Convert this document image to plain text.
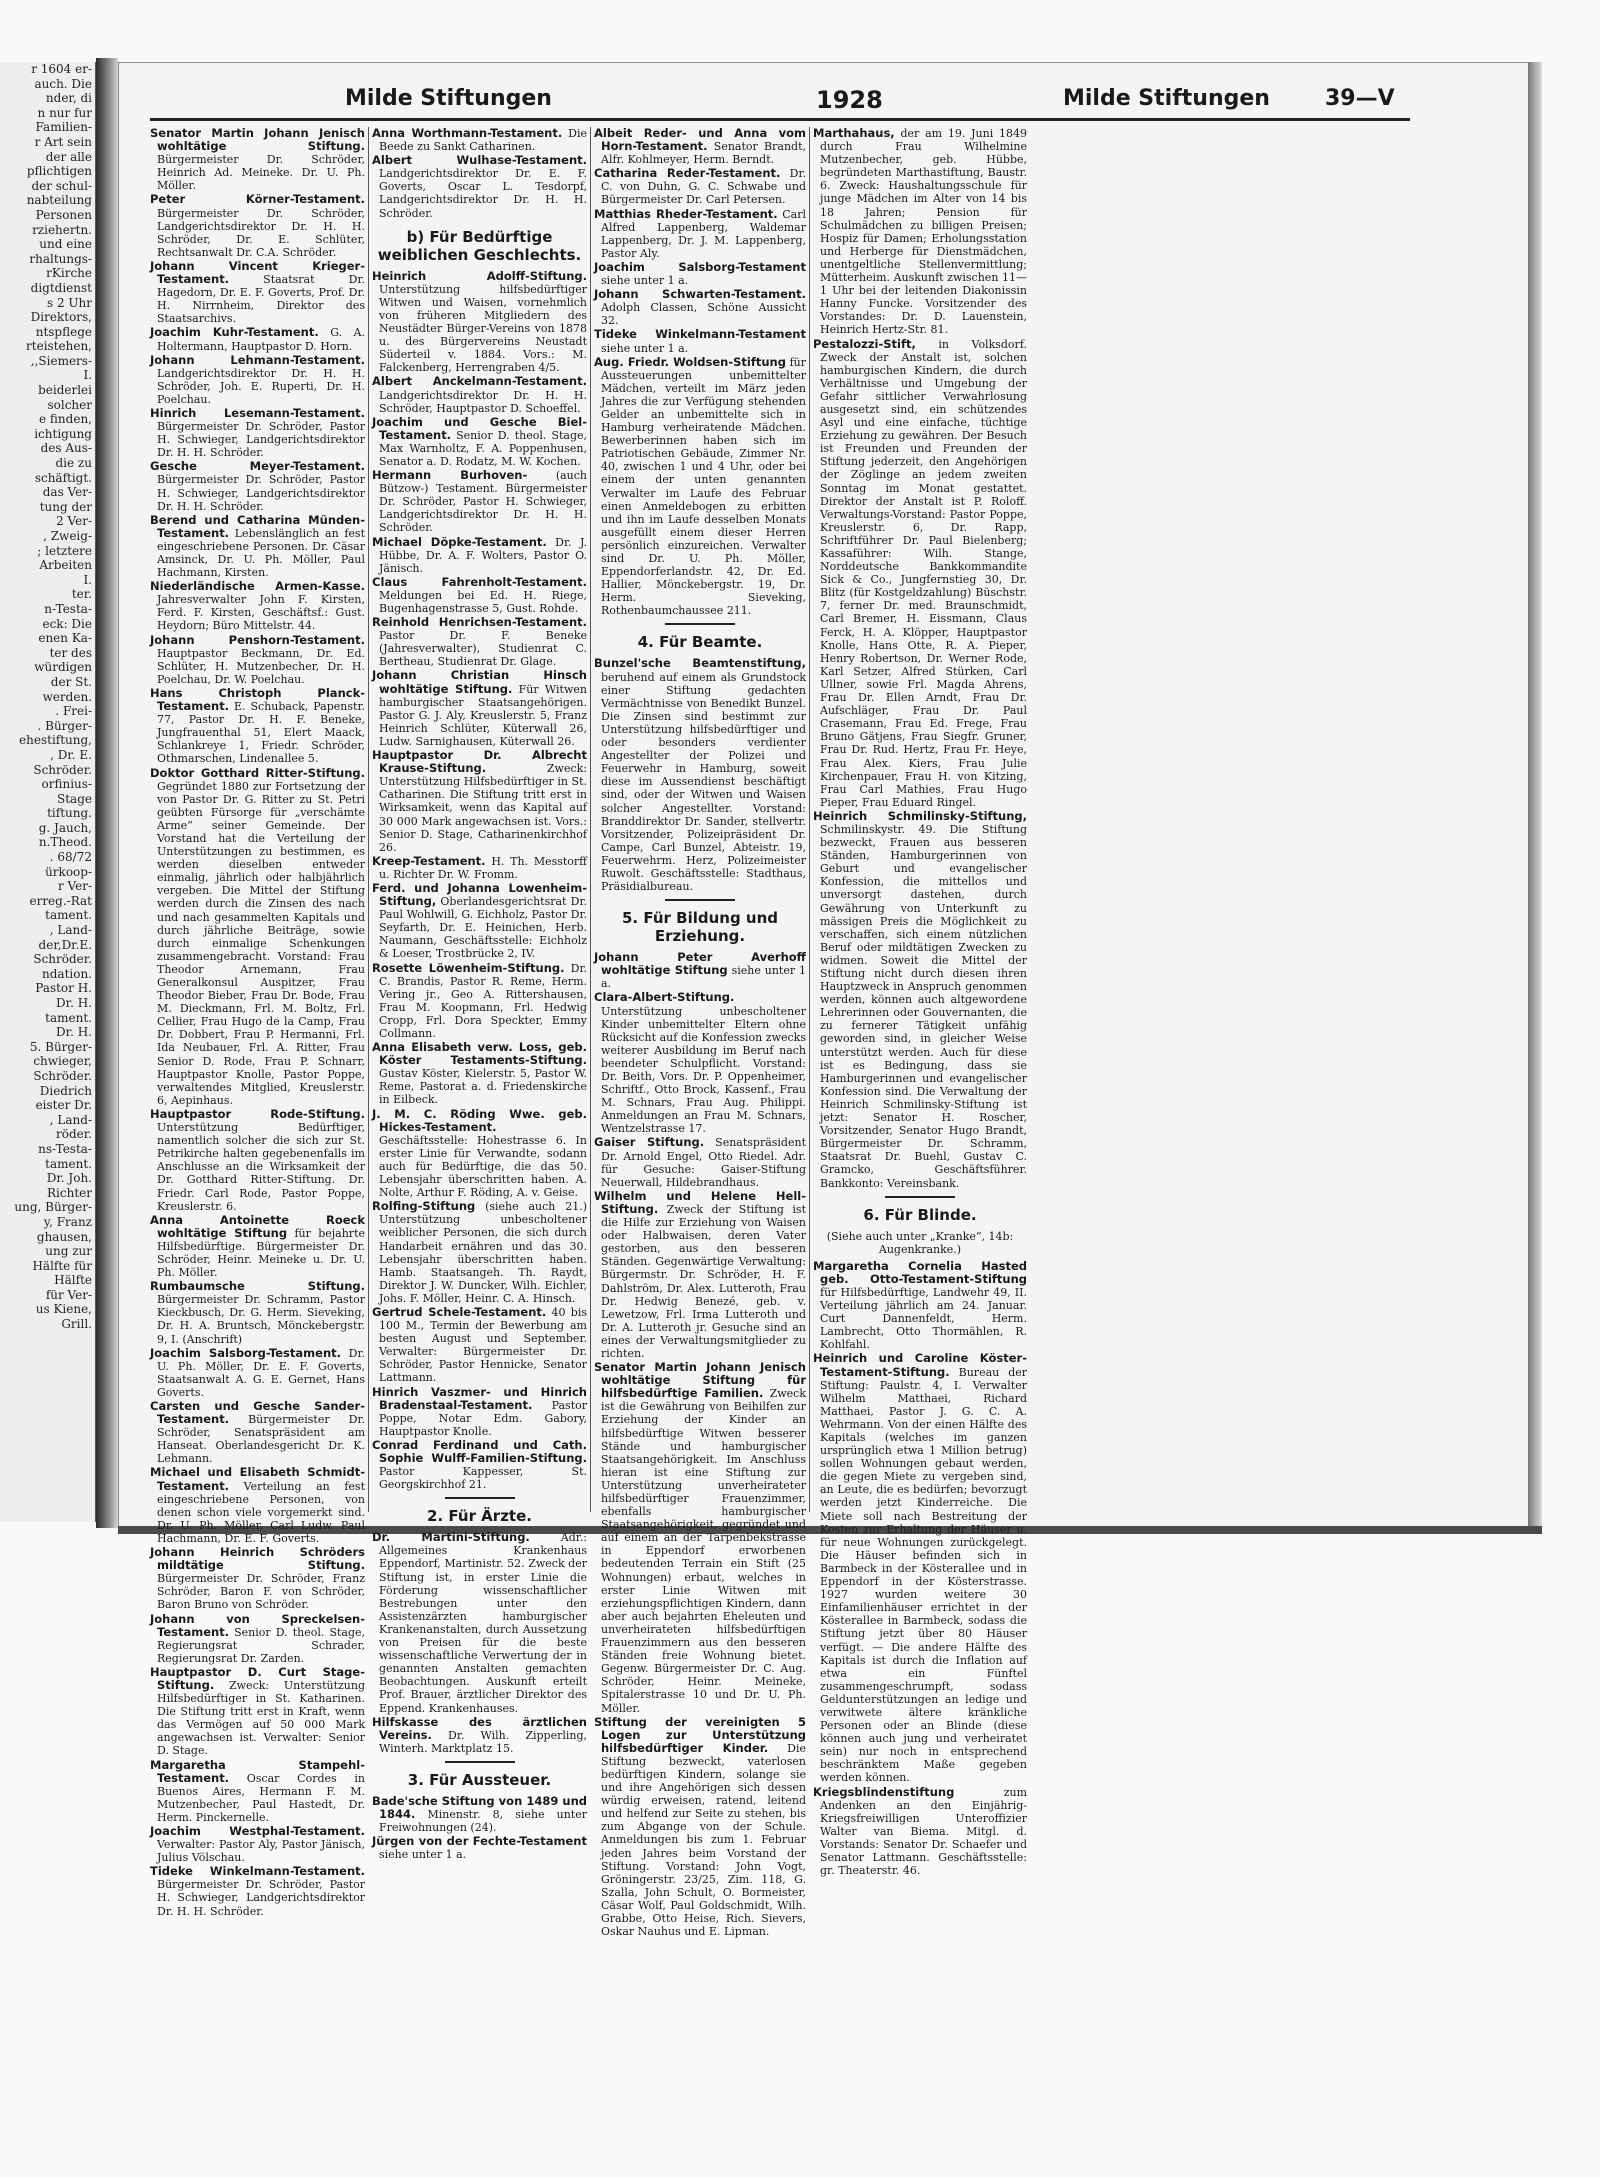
r 1604 er-
auch. Die
nder, di
n nur fur
Familien-
r Art sein
der alle
pflichtigen
der schul-
nabteilung
Personen
rziehertn.
und eine
rhaltungs-
rKirche
digtdienst
s 2 Uhr
Direktors,
ntspflege
rteistehen,
,,Siemers-
I.
beiderlei
solcher
e finden,
ichtigung
des Aus-
die zu
schäftigt.
das Ver-
tung der
2 Ver-
, Zweig-
; letztere
Arbeiten
I.
ter.
n-Testa-
eck: Die
enen Ka-
ter des
würdigen
der St.
werden.
. Frei-
. Bürger-
ehestiftung,
, Dr. E.
Schröder.
orfinius-
Stage
tiftung.
g. Jauch,
n.Theod.
. 68/72
ürkoop-
r Ver-
erreg.-Rat
tament.
, Land-
der,Dr.E.
Schröder.
ndation.
Pastor H.
Dr. H.
tament.
Dr. H.
5. Bürger-
chwieger,
Schröder.
Diedrich
eister Dr.
, Land-
röder.
ns-Testa-
tament.
Dr. Joh.
Richter
ung, Bürger-
y, Franz
ghausen,
ung zur
Hälfte für
Hälfte
für Ver-
us Kiene,
Grill.
Milde Stiftungen	1928	Milde Stiftungen	39—V
Senator Martin Johann Jenisch wohltätige Stiftung. Bürgermeister Dr. Schröder, Heinrich Ad. Meineke. Dr. U. Ph. Möller.
Peter Körner-Testament. Bürgermeister Dr. Schröder, Landgerichtsdirektor Dr. H. H. Schröder, Dr. E. Schlüter, Rechtsanwalt Dr. C.A. Schröder.
Johann Vincent Krieger-Testament.	Staatsrat Dr. Hagedorn, Dr. E. F. Goverts, Prof. Dr. H. Nirrnheim, Direktor des Staatsarchivs.
Joachim Kuhr-Testament. G. A. Holtermann, Hauptpastor D. Horn.
Johann Lehmann-Testament. Landgerichtsdirektor Dr. H. H. Schröder, Joh. E. Ruperti, Dr. H. Poelchau.
Hinrich Lesemann-Testament. Bürgermeister Dr. Schröder, Pastor H. Schwieger, Landgerichtsdirektor Dr. H. H. Schröder.
Gesche Meyer-Testament. Bürgermeister Dr. Schröder, Pastor H. Schwieger, Landgerichtsdirektor Dr. H. H. Schröder.
Berend und Catharina Münden-Testament. Lebenslänglich an fest eingeschriebene Personen. Dr. Cäsar Amsinck, Dr. U. Ph. Möller, Paul Hachmann, Kirsten.
Niederländische Armen-Kasse. Jahresverwalter John F. Kirsten, Ferd. F. Kirsten, Geschäftsf.: Gust. Heydorn; Büro Mittelstr. 44.
Johann Penshorn-Testament. Hauptpastor Beckmann, Dr. Ed. Schlüter, H. Mutzenbecher, Dr. H. Poelchau, Dr. W. Poelchau.
Hans Christoph Planck-Testament. E. Schuback, Papenstr. 77, Pastor Dr. H. F. Beneke, Jungfrauenthal 51, Elert Maack, Schlankreye 1, Friedr. Schröder, Othmarschen, Lindenallee 5.
Doktor Gotthard Ritter-Stiftung. Gegründet 1880 zur Fortsetzung der von Pastor Dr. G. Ritter zu St. Petri geübten Fürsorge für „verschämte Arme“ seiner Gemeinde. Der Vorstand hat die Verteilung der Unterstützungen zu bestimmen, es werden dieselben entweder einmalig, jährlich oder halbjährlich vergeben. Die Mittel der Stiftung werden durch die Zinsen des nach und nach gesammelten Kapitals und durch jährliche Beiträge, sowie durch einmalige Schenkungen zusammengebracht. Vorstand: Frau Theodor Arnemann, Frau Generalkonsul Auspitzer, Frau Theodor Bieber, Frau Dr. Bode, Frau M. Dieckmann, Frl. M. Boltz, Frl. Cellier, Frau Hugo de la Camp, Frau Dr. Dobbert, Frau P. Hermanni, Frl. Ida Neubauer, Frl. A. Ritter, Frau Senior D. Rode, Frau P. Schnarr, Hauptpastor Knolle, Pastor Poppe, verwaltendes Mitglied, Kreuslerstr. 6, Aepinhaus.
Hauptpastor Rode-Stiftung. Unterstützung Bedürftiger, namentlich solcher die sich zur St. Petrikirche halten gegebenenfalls im Anschlusse an die Wirksamkeit der Dr. Gotthard Ritter-Stiftung. Dr. Friedr. Carl Rode, Pastor Poppe, Kreuslerstr. 6.
Anna Antoinette Roeck wohltätige Stiftung für bejahrte Hilfsbedürftige. Bürgermeister Dr. Schröder, Heinr. Meineke u. Dr. U. Ph. Möller.
Rumbaumsche Stiftung. Bürgermeister Dr. Schramm, Pastor Kieckbusch, Dr. G. Herm. Sieveking, Dr. H. A. Bruntsch, Mönckebergstr. 9, I. (Anschrift)
Joachim Salsborg-Testament. Dr. U. Ph. Möller, Dr. E. F. Goverts, Staatsanwalt A. G. E. Gernet, Hans Goverts.
Carsten und Gesche Sander-Testament. Bürgermeister Dr. Schröder, Senatspräsident am Hanseat. Oberlandesgericht Dr. K. Lehmann.
Michael und Elisabeth Schmidt-Testament. Verteilung an fest eingeschriebene Personen, von denen schon viele vorgemerkt sind. Dr. U. Ph. Möller, Carl Ludw. Paul Hachmann, Dr. E. F. Goverts.
Johann Heinrich Schröders mildtätige Stiftung. Bürgermeister Dr. Schröder, Franz Schröder, Baron F. von Schröder, Baron Bruno von Schröder.
Johann von Spreckelsen-Testament. Senior D. theol. Stage, Regierungsrat Schrader, Regierungsrat Dr. Zarden.
Hauptpastor D. Curt Stage-Stiftung. Zweck: Unterstützung Hilfsbedürftiger in St. Katharinen. Die Stiftung tritt erst in Kraft, wenn das Vermögen auf 50 000 Mark angewachsen ist. Verwalter: Senior D. Stage.
Margaretha Stampehl-Testament. Oscar Cordes in Buenos Aires, Hermann F. M. Mutzenbecher, Paul Hastedt, Dr. Herm. Pinckernelle.
Joachim Westphal-Testament. Verwalter: Pastor Aly, Pastor Jänisch, Julius Völschau.
Tideke Winkelmann-Testament. Bürgermeister Dr. Schröder, Pastor H. Schwieger, Landgerichtsdirektor Dr. H. H. Schröder.
Anna Worthmann-Testament. Die Beede zu Sankt Catharinen.
Albert Wulhase-Testament. Landgerichtsdirektor Dr. E. F. Goverts, Oscar L. Tesdorpf, Landgerichtsdirektor Dr. H. H. Schröder.
b) Für Bedürftige weiblichen Geschlechts.
Heinrich Adolff-Stiftung. Unterstützung hilfsbedürftiger Witwen und Waisen, vornehmlich von früheren Mitgliedern des Neustädter Bürger-Vereins von 1878 u. des Bürgervereins Neustadt Süderteil v. 1884. Vors.: M. Falckenberg, Herrengraben 4/5.
Albert Anckelmann-Testament. Landgerichtsdirektor Dr. H. H. Schröder, Hauptpastor D. Schoeffel.
Joachim und Gesche Biel-Testament. Senior D. theol. Stage, Max Warnholtz, F. A. Poppenhusen, Senator a. D. Rodatz, M. W. Kochen.
Hermann Burhoven-	(auch Bützow-) Testament. Bürgermeister Dr. Schröder, Pastor H. Schwieger, Landgerichtsdirektor Dr. H. H. Schröder.
Michael Döpke-Testament. Dr. J. Hübbe, Dr. A. F. Wolters, Pastor O. Jänisch.
Claus Fahrenholt-Testament. Meldungen bei Ed. H. Riege, Bugenhagenstrasse 5, Gust. Rohde.
Reinhold Henrichsen-Testament. Pastor Dr. F. Beneke (Jahresverwalter), Studienrat C. Bertheau, Studienrat Dr. Glage.
Johann Christian Hinsch wohltätige Stiftung. Für Witwen hamburgischer Staatsangehörigen. Pastor G. J. Aly, Kreuslerstr. 5, Franz Heinrich Schlüter, Küterwall 26, Ludw. Sarnighausen, Küterwall 26.
Hauptpastor Dr. Albrecht Krause-Stiftung.	Zweck: Unterstützung Hilfsbedürftiger in St. Catharinen. Die Stiftung tritt erst in Wirksamkeit, wenn das Kapital auf 30 000 Mark angewachsen ist. Vors.: Senior D. Stage, Catharinenkirchhof 26.
Kreep-Testament. H. Th. Messtorff u. Richter Dr. W. Fromm.
Ferd. und Johanna Lowenheim-Stiftung, Oberlandesgerichtsrat Dr. Paul Wohlwill, G. Eichholz, Pastor Dr. Seyfarth, Dr. E. Heinichen, Herb. Naumann, Geschäftsstelle: Eichholz & Loeser, Trostbrücke 2, IV.
Rosette Löwenheim-Stiftung. Dr. C. Brandis, Pastor R. Reme, Herm. Vering jr., Geo A. Rittershausen, Frau M. Koopmann, Frl. Hedwig Cropp, Frl. Dora Speckter, Emmy Collmann.
Anna Elisabeth verw. Loss, geb. Köster Testaments-Stiftung. Gustav Köster, Kielerstr. 5, Pastor W. Reme, Pastorat a. d. Friedenskirche in Eilbeck.
J. M. C. Röding Wwe. geb. Hickes-Testament. Geschäftsstelle: Hohestrasse 6. In erster Linie für Verwandte, sodann auch für Bedürftige, die das 50. Lebensjahr überschritten haben. A. Nolte, Arthur F. Röding, A. v. Geise.
Rolfing-Stiftung (siehe auch 21.) Unterstützung unbescholtener weiblicher Personen, die sich durch Handarbeit ernähren und das 30. Lebensjahr überschritten haben. Hamb. Staatsangeh. Th. Raydt, Direktor J. W. Duncker, Wilh. Eichler, Johs. F. Möller, Heinr. C. A. Hinsch.
Gertrud Schele-Testament. 40 bis 100 M., Termin der Bewerbung am besten August und September. Verwalter: Bürgermeister Dr. Schröder, Pastor Hennicke, Senator Lattmann.
Hinrich Vaszmer- und Hinrich Bradenstaal-Testament. Pastor Poppe, Notar Edm. Gabory, Hauptpastor Knolle.
Conrad Ferdinand und Cath. Sophie Wulff-Familien-Stiftung. Pastor Kappesser, St. Georgskirchhof 21.
2. Für Ärzte.
Dr. Martini-Stiftung.	Adr.: Allgemeines Krankenhaus Eppendorf, Martinistr. 52. Zweck der Stiftung ist, in erster Linie die Förderung wissenschaftlicher Bestrebungen unter den Assistenzärzten hamburgischer Krankenanstalten, durch Aussetzung von Preisen für die beste wissenschaftliche Verwertung der in genannten Anstalten gemachten Beobachtungen. Auskunft erteilt Prof. Brauer, ärztlicher Direktor des Eppend. Krankenhauses.
Hilfskasse des ärztlichen Vereins. Dr. Wilh. Zipperling, Winterh. Marktplatz 15.
3. Für Aussteuer.
Bade'sche Stiftung von 1489 und 1844. Minenstr. 8, siehe unter Freiwohnungen (24).
Jürgen von der Fechte-Testament siehe unter 1 a.
Albeit Reder- und Anna vom Horn-Testament. Senator Brandt, Alfr. Kohlmeyer, Herm. Berndt.
Catharina Reder-Testament. Dr. C. von Duhn, G. C. Schwabe und Bürgermeister Dr. Carl Petersen.
Matthias Rheder-Testament. Carl Alfred Lappenberg, Waldemar Lappenberg, Dr. J. M. Lappenberg, Pastor Aly.
Joachim Salsborg-Testament siehe unter 1 a.
Johann Schwarten-Testament. Adolph Classen, Schöne Aussicht 32.
Tideke Winkelmann-Testament siehe unter 1 a.
Aug. Friedr. Woldsen-Stiftung für Aussteuerungen unbemittelter Mädchen, verteilt im März jeden Jahres die zur Verfügung stehenden Gelder an unbemittelte sich in Hamburg verheiratende Mädchen. Bewerberinnen haben sich im Patriotischen Gebäude, Zimmer Nr. 40, zwischen 1 und 4 Uhr, oder bei einem der unten genannten Verwalter im Laufe des Februar einen Anmeldebogen zu erbitten und ihn im Laufe desselben Monats ausgefüllt einem dieser Herren persönlich einzureichen. Verwalter sind Dr. U. Ph. Möller, Eppendorferlandstr. 42, Dr. Ed. Hallier, Mönckebergstr. 19, Dr. Herm. Sieveking, Rothenbaumchaussee 211.
4. Für Beamte.
Bunzel'sche Beamtenstiftung, beruhend auf einem als Grundstock einer Stiftung gedachten Vermächtnisse von Benedikt Bunzel. Die Zinsen sind bestimmt zur Unterstützung hilfsbedürftiger und oder besonders verdienter Angestellter der Polizei und Feuerwehr in Hamburg, soweit diese im Aussendienst beschäftigt sind, oder der Witwen und Waisen solcher Angestellter. Vorstand: Branddirektor Dr. Sander, stellvertr. Vorsitzender, Polizeipräsident Dr. Campe, Carl Bunzel, Abteistr. 19, Feuerwehrm. Herz, Polizeimeister Ruwolt. Geschäftsstelle: Stadthaus, Präsidialbureau.
5. Für Bildung und Erziehung.
Johann Peter Averhoff wohltätige Stiftung siehe unter 1 a.
Clara-Albert-Stiftung. Unterstützung unbescholtener Kinder unbemittelter Eltern ohne Rücksicht auf die Konfession zwecks weiterer Ausbildung im Beruf nach beendeter Schulpflicht. Vorstand: Dr. Beith, Vors. Dr. P. Oppenheimer, Schriftf., Otto Brock, Kassenf., Frau M. Schnars, Frau Aug. Philippi. Anmeldungen an Frau M. Schnars, Wentzelstrasse 17.
Gaiser Stiftung. Senatspräsident Dr. Arnold Engel, Otto Riedel. Adr. für Gesuche: Gaiser-Stiftung Neuerwall, Hildebrandhaus.
Wilhelm und Helene Hell-Stiftung. Zweck der Stiftung ist die Hilfe zur Erziehung von Waisen oder Halbwaisen, deren Vater gestorben, aus den besseren Ständen. Gegenwärtige Verwaltung: Bürgermstr. Dr. Schröder, H. F. Dahlström, Dr. Alex. Lutteroth, Frau Dr. Hedwig Benezé, geb. v. Lewetzow, Frl. Irma Lutteroth und Dr. A. Lutteroth jr. Gesuche sind an eines der Verwaltungsmitglieder zu richten.
Senator Martin Johann Jenisch wohltätige Stiftung für hilfsbedürftige Familien. Zweck ist die Gewährung von Beihilfen zur Erziehung der Kinder an hilfsbedürftige Witwen besserer Stände und hamburgischer Staatsangehörigkeit. Im Anschluss hieran ist eine Stiftung zur Unterstützung unverheirateter hilfsbedürftiger Frauenzimmer, ebenfalls hamburgischer Staatsangehörigkeit, gegründet und auf einem an der Tarpenbekstrasse in Eppendorf erworbenen bedeutenden Terrain ein Stift (25 Wohnungen) erbaut, welches in erster Linie Witwen mit erziehungspflichtigen Kindern, dann aber auch bejahrten Eheleuten und unverheirateten hilfsbedürftigen Frauenzimmern aus den besseren Ständen freie Wohnung bietet. Gegenw. Bürgermeister Dr. C. Aug. Schröder, Heinr. Meineke, Spitalerstrasse 10 und Dr. U. Ph. Möller.
Stiftung der vereinigten 5 Logen zur Unterstützung hilfsbedürftiger Kinder. Die Stiftung bezweckt, vaterlosen bedürftigen Kindern, solange sie und ihre Angehörigen sich dessen würdig erweisen, ratend, leitend und helfend zur Seite zu stehen, bis zum Abgange von der Schule. Anmeldungen bis zum 1. Februar jeden Jahres beim Vorstand der Stiftung. Vorstand: John Vogt, Gröningerstr. 23/25, Zim. 118, G. Szalla, John Schult, O. Bormeister, Cäsar Wolf, Paul Goldschmidt, Wilh. Grabbe, Otto Heise, Rich. Sievers, Oskar Nauhus und E. Lipman.
Marthahaus, der am 19. Juni 1849 durch Frau Wilhelmine Mutzenbecher, geb. Hübbe, begründeten Marthastiftung, Baustr. 6. Zweck: Haushaltungsschule für junge Mädchen im Alter von 14 bis 18 Jahren; Pension für Schulmädchen zu billigen Preisen; Hospiz für Damen; Erholungsstation und Herberge für Dienstmädchen, unentgeltliche Stellenvermittlung; Mütterheim. Auskunft zwischen 11—1 Uhr bei der leitenden Diakonissin Hanny Funcke. Vorsitzender des Vorstandes: Dr. D. Lauenstein, Heinrich Hertz-Str. 81.
Pestalozzi-Stift, in Volksdorf. Zweck der Anstalt ist, solchen hamburgischen Kindern, die durch Verhältnisse und Umgebung der Gefahr sittlicher Verwahrlosung ausgesetzt sind, ein schützendes Asyl und eine einfache, tüchtige Erziehung zu gewähren. Der Besuch ist Freunden und Freunden der Stiftung jederzeit, den Angehörigen der Zöglinge an jedem zweiten Sonntag im Monat gestattet. Direktor der Anstalt ist P. Roloff. Verwaltungs-Vorstand: Pastor Poppe, Kreuslerstr. 6, Dr. Rapp, Schriftführer Dr. Paul Bielenberg; Kassaführer: Wilh. Stange, Norddeutsche Bankkommandite Sick & Co., Jungfernstieg 30, Dr. Blitz (für Kostgeldzahlung) Büschstr. 7, ferner Dr. med. Braunschmidt, Carl Bremer, H. Eissmann, Claus Ferck, H. A. Klöpper, Hauptpastor Knolle, Hans Otte, R. A. Pieper, Henry Robertson, Dr. Werner Rode, Karl Setzer, Alfred Stürken, Carl Ullner, sowie Frl. Magda Ahrens, Frau Dr. Ellen Arndt, Frau Dr. Aufschläger, Frau Dr. Paul Crasemann, Frau Ed. Frege, Frau Bruno Gätjens, Frau Siegfr. Gruner, Frau Dr. Rud. Hertz, Frau Fr. Heye, Frau Alex. Kiers, Frau Julie Kirchenpauer, Frau H. von Kitzing, Frau Carl Mathies, Frau Hugo Pieper, Frau Eduard Ringel.
Heinrich Schmilinsky-Stiftung, Schmilinskystr. 49. Die Stiftung bezweckt, Frauen aus besseren Ständen, Hamburgerinnen von Geburt und evangelischer Konfession, die mittellos und unversorgt dastehen, durch Gewährung von Unterkunft zu mässigen Preis die Möglichkeit zu verschaffen, sich einem nützlichen Beruf oder mildtätigen Zwecken zu widmen. Soweit die Mittel der Stiftung nicht durch diesen ihren Hauptzweck in Anspruch genommen werden, können auch altgewordene Lehrerinnen oder Gouvernanten, die zu fernerer Tätigkeit unfähig geworden sind, in gleicher Weise unterstützt werden. Auch für diese ist es Bedingung, dass sie Hamburgerinnen und evangelischer Konfession sind. Die Verwaltung der Heinrich Schmilinsky-Stiftung ist jetzt: Senator H. Roscher, Vorsitzender, Senator Hugo Brandt, Bürgermeister Dr. Schramm, Staatsrat Dr. Buehl, Gustav C. Gramcko, Geschäftsführer. Bankkonto: Vereinsbank.
6. Für Blinde.
(Siehe auch unter „Kranke“, 14b: Augenkranke.)
Margaretha Cornelia Hasted geb. Otto-Testament-Stiftung für Hilfsbedürftige, Landwehr 49, II. Verteilung jährlich am 24. Januar. Curt Dannenfeldt, Herm. Lambrecht, Otto Thormählen, R. Kohlfahl.
Heinrich und Caroline Köster-Testament-Stiftung. Bureau der Stiftung: Paulstr. 4, I. Verwalter Wilhelm Matthaei, Richard Matthaei, Pastor J. G. C. A. Wehrmann. Von der einen Hälfte des Kapitals (welches im ganzen ursprünglich etwa 1 Million betrug) sollen Wohnungen gebaut werden, die gegen Miete zu vergeben sind, an Leute, die es bedürfen; bevorzugt werden jetzt Kinderreiche. Die Miete soll nach Bestreitung der Kosten zur Erhaltung der Häuser u. für neue Wohnungen zurückgelegt. Die Häuser befinden sich in Barmbeck in der Kösterallee und in Eppendorf in der Kösterstrasse. 1927 wurden weitere 30 Einfamilienhäuser errichtet in der Kösterallee in Barmbeck, sodass die Stiftung jetzt über 80 Häuser verfügt. — Die andere Hälfte des Kapitals ist durch die Inflation auf etwa ein Fünftel zusammengeschrumpft, sodass Geldunterstützungen an ledige und verwitwete ältere kränkliche Personen oder an Blinde (diese können auch jung und verheiratet sein) nur noch in entsprechend beschränktem Maße gegeben werden können.
Kriegsblindenstiftung	zum Andenken an den Einjährig-Kriegsfreiwilligen Unteroffizier Walter van Biema. Mitgl. d. Vorstands: Senator Dr. Schaefer und Senator Lattmann. Geschäftsstelle: gr. Theaterstr. 46.
